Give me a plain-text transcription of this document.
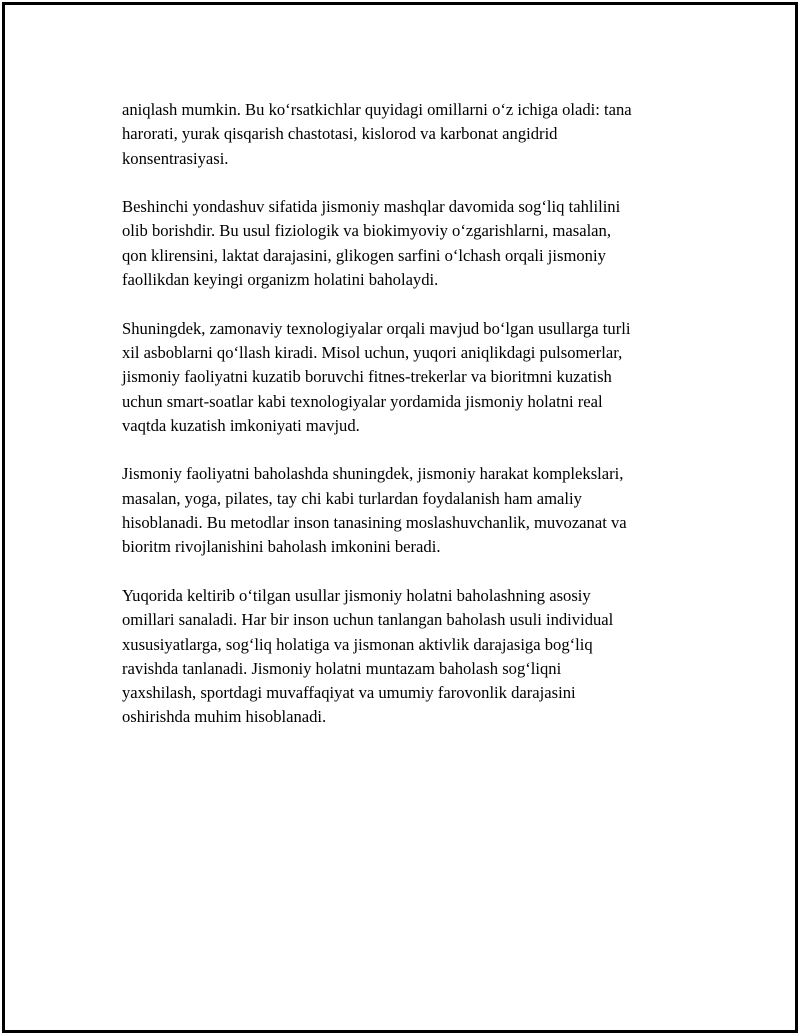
aniqlash mumkin. Bu ko‘rsatkichlar quyidagi omillarni o‘z ichiga oladi: tana
harorati, yurak qisqarish chastotasi, kislorod va karbonat angidrid
konsentrasiyasi.

Beshinchi yondashuv sifatida jismoniy mashqlar davomida sog‘liq tahlilini
olib borishdir. Bu usul fiziologik va biokimyoviy o‘zgarishlarni, masalan,
qon klirensini, laktat darajasini, glikogen sarfini o‘lchash orqali jismoniy
faollikdan keyingi organizm holatini baholaydi.

Shuningdek, zamonaviy texnologiyalar orqali mavjud bo‘lgan usullarga turli
xil asboblarni qo‘llash kiradi. Misol uchun, yuqori aniqlikdagi pulsomerlar,
jismoniy faoliyatni kuzatib boruvchi fitnes-trekerlar va bioritmni kuzatish
uchun smart-soatlar kabi texnologiyalar yordamida jismoniy holatni real
vaqtda kuzatish imkoniyati mavjud.

Jismoniy faoliyatni baholashda shuningdek, jismoniy harakat komplekslari,
masalan, yoga, pilates, tay chi kabi turlardan foydalanish ham amaliy
hisoblanadi. Bu metodlar inson tanasining moslashuvchanlik, muvozanat va
bioritm rivojlanishini baholash imkonini beradi.

Yuqorida keltirib o‘tilgan usullar jismoniy holatni baholashning asosiy
omillari sanaladi. Har bir inson uchun tanlangan baholash usuli individual
xususiyatlarga, sog‘liq holatiga va jismonan aktivlik darajasiga bog‘liq
ravishda tanlanadi. Jismoniy holatni muntazam baholash sog‘liqni
yaxshilash, sportdagi muvaffaqiyat va umumiy farovonlik darajasini
oshirishda muhim hisoblanadi.
